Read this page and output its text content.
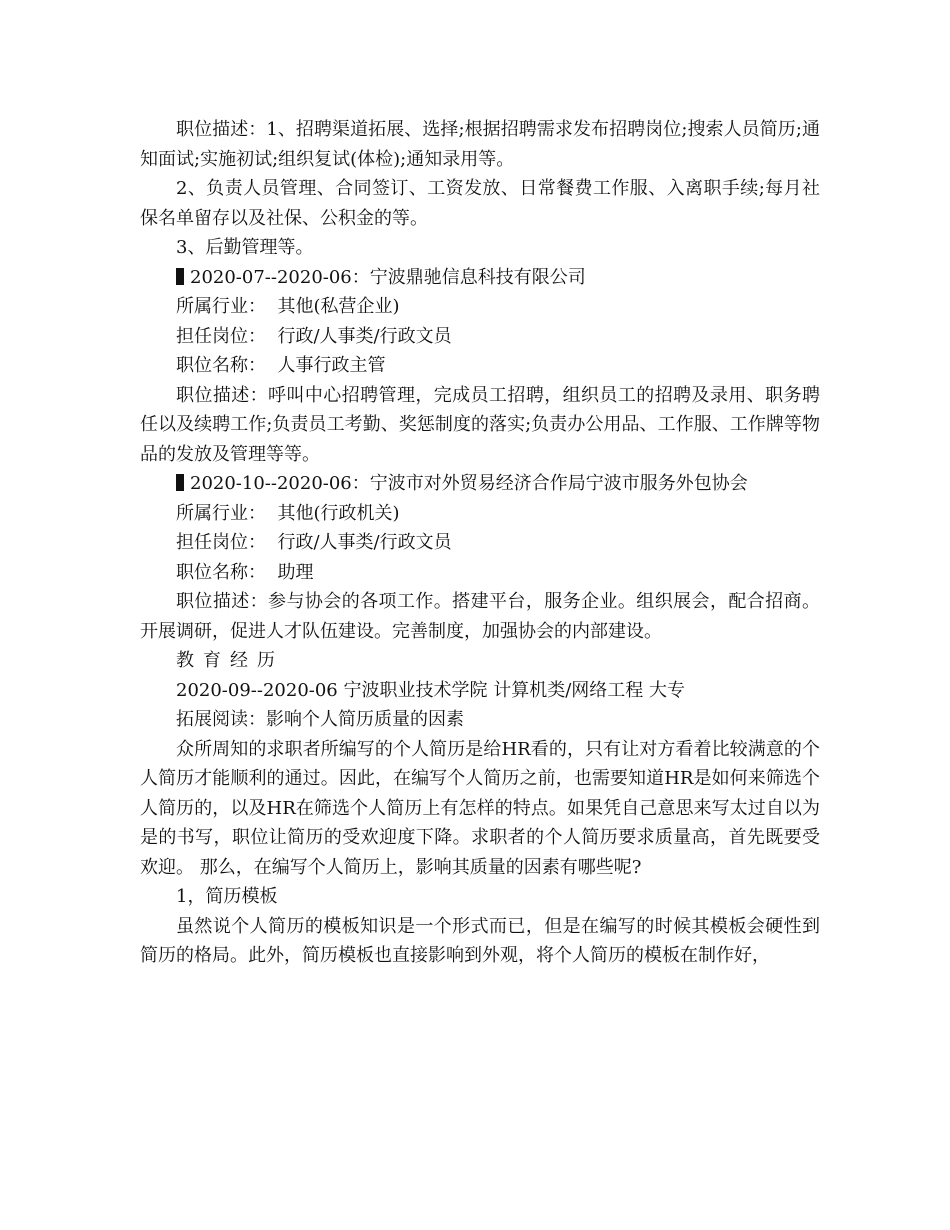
职位描述：1、招聘渠道拓展、选择;根据招聘需求发布招聘岗位;搜索人员简历;通知面试;实施初试;组织复试(体检);通知录用等。

2、负责人员管理、合同签订、工资发放、日常餐费工作服、入离职手续;每月社保名单留存以及社保、公积金的等。

3、后勤管理等。

2020-07--2020-06：宁波鼎驰信息科技有限公司

所属行业：  其他(私营企业)

担任岗位：  行政/人事类/行政文员

职位名称：  人事行政主管

职位描述：呼叫中心招聘管理，完成员工招聘，组织员工的招聘及录用、职务聘任以及续聘工作;负责员工考勤、奖惩制度的落实;负责办公用品、工作服、工作牌等物品的发放及管理等等。

2020-10--2020-06：宁波市对外贸易经济合作局宁波市服务外包协会

所属行业：  其他(行政机关)

担任岗位：  行政/人事类/行政文员

职位名称：  助理

职位描述：参与协会的各项工作。搭建平台，服务企业。组织展会，配合招商。开展调研，促进人才队伍建设。完善制度，加强协会的内部建设。

教育经历

2020-09--2020-06 宁波职业技术学院 计算机类/网络工程 大专

拓展阅读：影响个人简历质量的因素

众所周知的求职者所编写的个人简历是给HR看的，只有让对方看着比较满意的个人简历才能顺利的通过。因此，在编写个人简历之前，也需要知道HR是如何来筛选个人简历的，以及HR在筛选个人简历上有怎样的特点。如果凭自己意思来写太过自以为是的书写，职位让简历的受欢迎度下降。求职者的个人简历要求质量高，首先既要受欢迎。 那么，在编写个人简历上，影响其质量的因素有哪些呢?

1，简历模板

虽然说个人简历的模板知识是一个形式而已，但是在编写的时候其模板会硬性到简历的格局。此外，简历模板也直接影响到外观，将个人简历的模板在制作好，
